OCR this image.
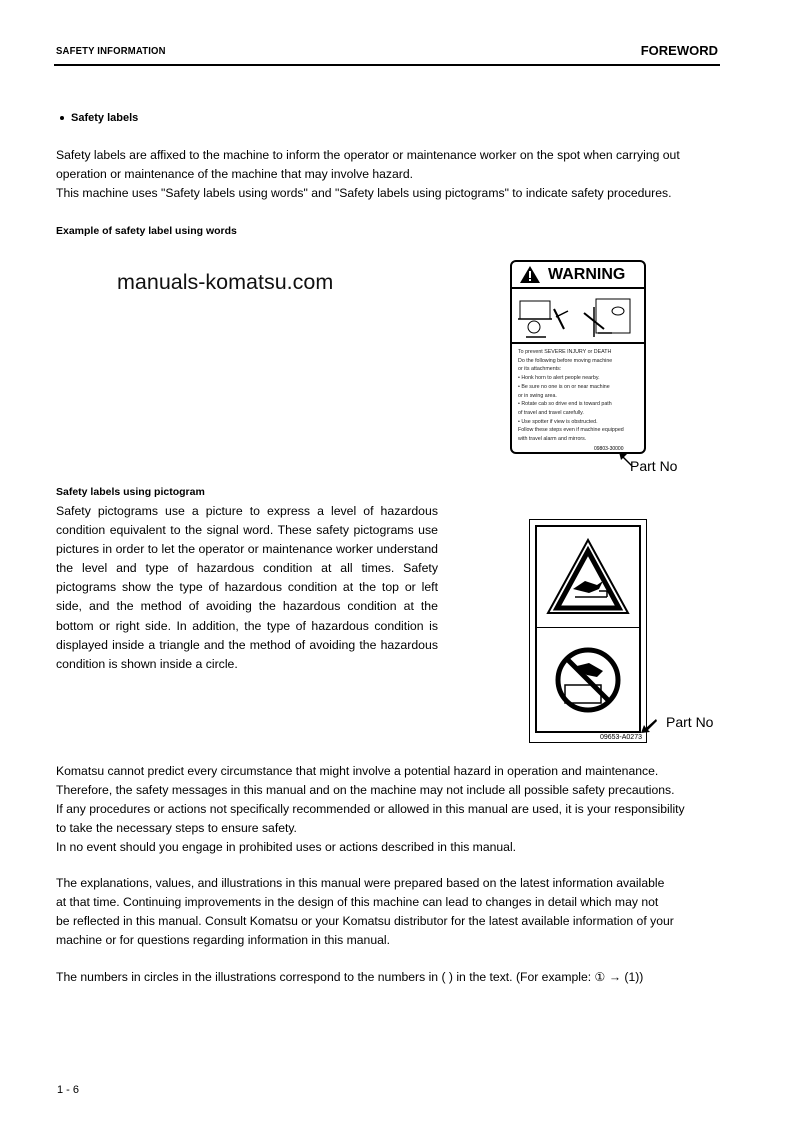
SAFETY INFORMATION	FOREWORD
Safety labels
Safety labels are affixed to the machine to inform the operator or maintenance worker on the spot when carrying out
operation or maintenance of the machine that may involve hazard.
This machine uses "Safety labels using words" and "Safety labels using pictograms" to indicate safety procedures.
Example of safety label using words
manuals-komatsu.com	WARNING
To prevent SEVERE INJURY or DEATH
Do the following before moving machine
or its attachments:
• Honk horn to alert people nearby.
• Be sure no one is on or near machine
or in swing area.
• Rotate cab so drive end is toward path
of travel and travel carefully.
• Use spotter if view is obstructed.
Follow these steps even if machine equipped
with travel alarm and mirrors.
09803-30000
Part No
Safety labels using pictogram
Safety pictograms use a picture to express a level of hazardous condition equivalent to the signal word. These safety pictograms use pictures in order to let the operator or maintenance worker understand the level and type of hazardous condition at all times. Safety pictograms show the type of hazardous condition at the top or left side, and the method of avoiding the hazardous condition at the bottom or right side. In addition, the type of hazardous condition is displayed inside a triangle and the method of avoiding the hazardous condition is shown inside a circle.
09653-A0273
Part No
Komatsu cannot predict every circumstance that might involve a potential hazard in operation and maintenance.
Therefore, the safety messages in this manual and on the machine may not include all possible safety precautions.
If any procedures or actions not specifically recommended or allowed in this manual are used, it is your responsibility
to take the necessary steps to ensure safety.
In no event should you engage in prohibited uses or actions described in this manual.
The explanations, values, and illustrations in this manual were prepared based on the latest information available
at that time. Continuing improvements in the design of this machine can lead to changes in detail which may not
be reflected in this manual. Consult Komatsu or your Komatsu distributor for the latest available information of your
machine or for questions regarding information in this manual.
The numbers in circles in the illustrations correspond to the numbers in ( ) in the text. (For example: ① → (1))
1 - 6
